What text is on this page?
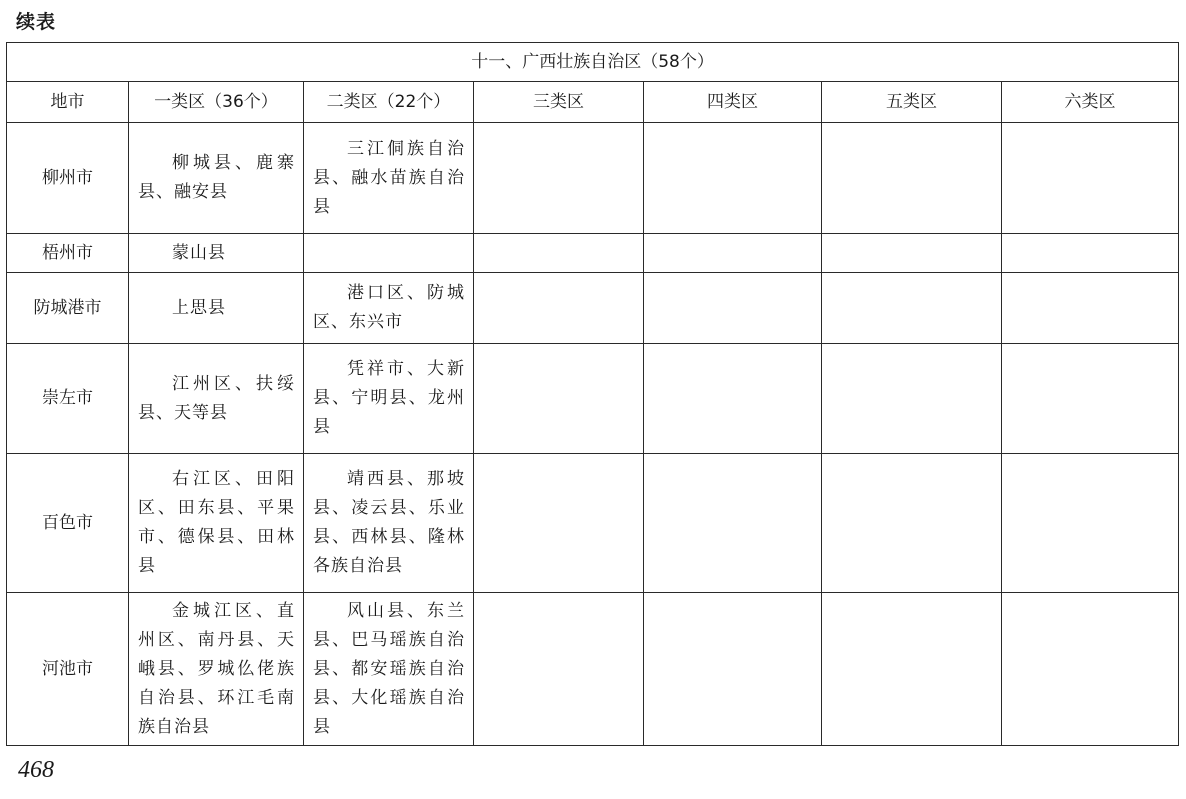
续表
十一、广西壮族自治区（58个）						
地市	一类区（36个）	二类区（22个）	三类区	四类区	五类区	六类区
柳州市	柳城县、鹿寨县、融安县	三江侗族自治县、融水苗族自治县				
梧州市	蒙山县					
防城港市	上思县	港口区、防城区、东兴市				
崇左市	江州区、扶绥县、天等县	凭祥市、大新县、宁明县、龙州县				
百色市	右江区、田阳区、田东县、平果市、德保县、田林县	靖西县、那坡县、凌云县、乐业县、西林县、隆林各族自治县				
河池市	金城江区、直州区、南丹县、天峨县、罗城仫佬族自治县、环江毛南族自治县	风山县、东兰县、巴马瑶族自治县、都安瑶族自治县、大化瑶族自治县				
468
